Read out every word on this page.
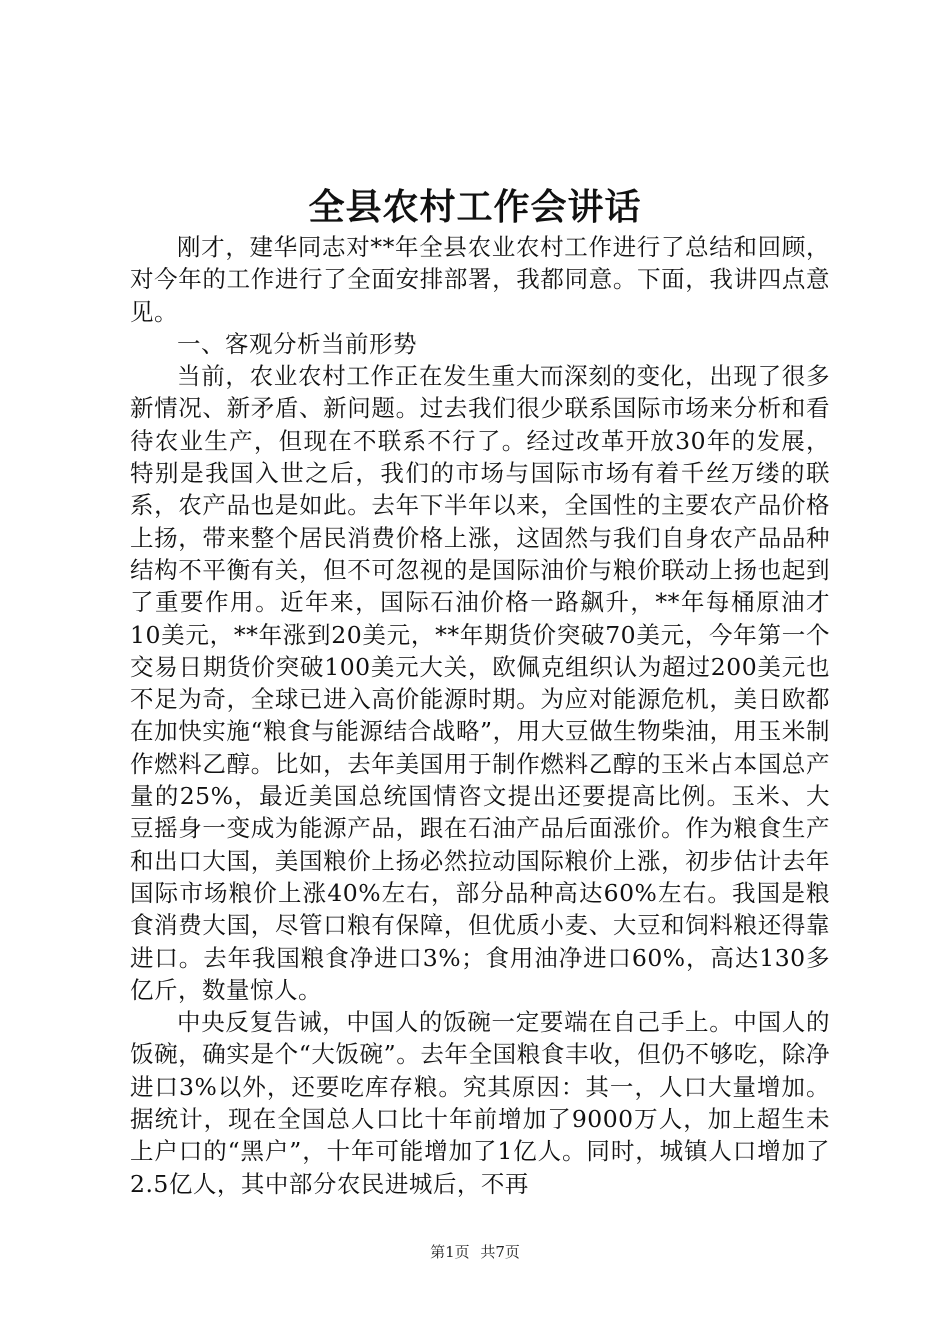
全县农村工作会讲话

刚才，建华同志对**年全县农业农村工作进行了总结和回顾，对今年的工作进行了全面安排部署，我都同意。下面，我讲四点意见。

一、客观分析当前形势

当前，农业农村工作正在发生重大而深刻的变化，出现了很多新情况、新矛盾、新问题。过去我们很少联系国际市场来分析和看待农业生产，但现在不联系不行了。经过改革开放30年的发展，特别是我国入世之后，我们的市场与国际市场有着千丝万缕的联系，农产品也是如此。去年下半年以来，全国性的主要农产品价格上扬，带来整个居民消费价格上涨，这固然与我们自身农产品品种结构不平衡有关，但不可忽视的是国际油价与粮价联动上扬也起到了重要作用。近年来，国际石油价格一路飙升，**年每桶原油才10美元，**年涨到20美元，**年期货价突破70美元，今年第一个交易日期货价突破100美元大关，欧佩克组织认为超过200美元也不足为奇，全球已进入高价能源时期。为应对能源危机，美日欧都在加快实施“粮食与能源结合战略”，用大豆做生物柴油，用玉米制作燃料乙醇。比如，去年美国用于制作燃料乙醇的玉米占本国总产量的25%，最近美国总统国情咨文提出还要提高比例。玉米、大豆摇身一变成为能源产品，跟在石油产品后面涨价。作为粮食生产和出口大国，美国粮价上扬必然拉动国际粮价上涨，初步估计去年国际市场粮价上涨40%左右，部分品种高达60%左右。我国是粮食消费大国，尽管口粮有保障，但优质小麦、大豆和饲料粮还得靠进口。去年我国粮食净进口3%；食用油净进口60%，高达130多亿斤，数量惊人。

中央反复告诫，中国人的饭碗一定要端在自己手上。中国人的饭碗，确实是个“大饭碗”。去年全国粮食丰收，但仍不够吃，除净进口3%以外，还要吃库存粮。究其原因：其一，人口大量增加。据统计，现在全国总人口比十年前增加了9000万人，加上超生未上户口的“黑户”，十年可能增加了1亿人。同时，城镇人口增加了2.5亿人，其中部分农民进城后，不再

第1页 共7页
